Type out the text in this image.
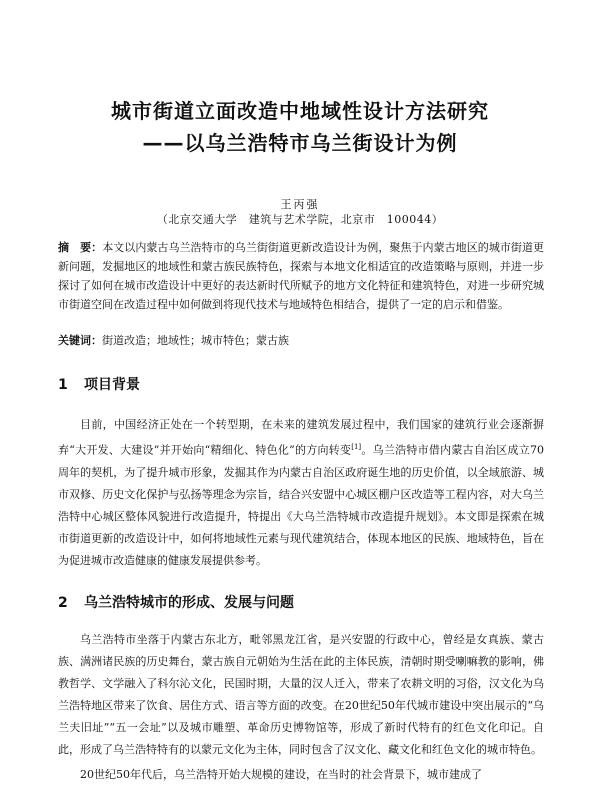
城市街道立面改造中地域性设计方法研究
——以乌兰浩特市乌兰街设计为例
王丙强
（北京交通大学　建筑与艺术学院，北京市　100044）
摘　要：本文以内蒙古乌兰浩特市的乌兰街街道更新改造设计为例，聚焦于内蒙古地区的城市街道更新问题，发掘地区的地域性和蒙古族民族特色，探索与本地文化相适宜的改造策略与原则，并进一步探讨了如何在城市改造设计中更好的表达新时代所赋予的地方文化特征和建筑特色，对进一步研究城市街道空间在改造过程中如何做到将现代技术与地域特色相结合，提供了一定的启示和借鉴。
关键词：街道改造；地域性；城市特色；蒙古族
1 项目背景
目前，中国经济正处在一个转型期，在未来的建筑发展过程中，我们国家的建筑行业会逐渐摒弃“大开发、大建设”并开始向“精细化、特色化”的方向转变[1]。乌兰浩特市借内蒙古自治区成立70周年的契机，为了提升城市形象，发掘其作为内蒙古自治区政府诞生地的历史价值，以全域旅游、城市双修、历史文化保护与弘扬等理念为宗旨，结合兴安盟中心城区棚户区改造等工程内容，对大乌兰浩特中心城区整体风貌进行改造提升，特提出《大乌兰浩特城市改造提升规划》。本文即是探索在城市街道更新的改造设计中，如何将地域性元素与现代建筑结合，体现本地区的民族、地域特色，旨在为促进城市改造健康的健康发展提供参考。
2 乌兰浩特城市的形成、发展与问题
乌兰浩特市坐落于内蒙古东北方，毗邻黑龙江省，是兴安盟的行政中心，曾经是女真族、蒙古族、满洲诸民族的历史舞台，蒙古族自元朝始为生活在此的主体民族，清朝时期受喇嘛教的影响，佛教哲学、文学融入了科尔沁文化，民国时期，大量的汉人迁入，带来了农耕文明的习俗，汉文化为乌兰浩特地区带来了饮食、居住方式、语言等方面的改变。在20世纪50年代城市建设中突出展示的“乌兰夫旧址”“五一会址”以及城市雕塑、革命历史博物馆等，形成了新时代特有的红色文化印记。自此，形成了乌兰浩特特有的以蒙元文化为主体，同时包含了汉文化、藏文化和红色文化的城市特色。
20世纪50年代后，乌兰浩特开始大规模的建设，在当时的社会背景下，城市建成了
